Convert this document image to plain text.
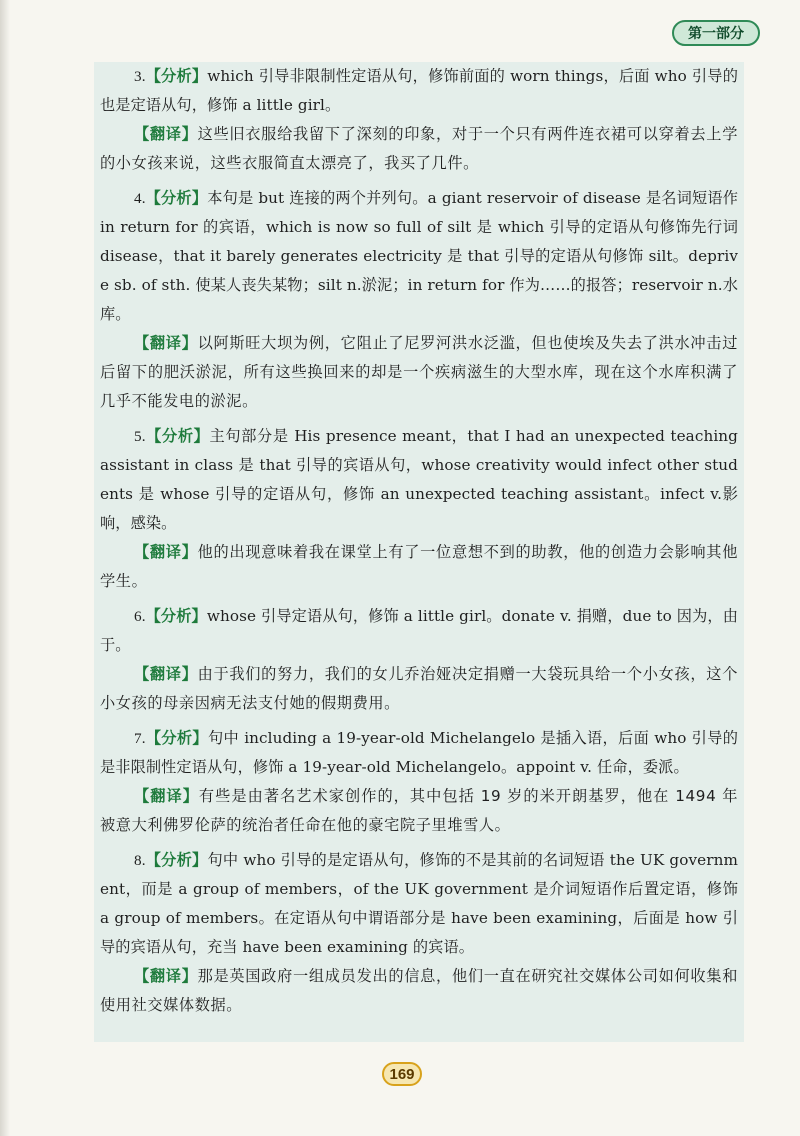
第一部分

3.【分析】which 引导非限制性定语从句，修饰前面的 worn things，后面 who 引导的也是定语从句，修饰 a little girl。

【翻译】这些旧衣服给我留下了深刻的印象，对于一个只有两件连衣裙可以穿着去上学的小女孩来说，这些衣服简直太漂亮了，我买了几件。

4.【分析】本句是 but 连接的两个并列句。a giant reservoir of disease 是名词短语作 in return for 的宾语，which is now so full of silt 是 which 引导的定语从句修饰先行词 disease，that it barely generates electricity 是 that 引导的定语从句修饰 silt。deprive sb. of sth. 使某人丧失某物；silt n.淤泥；in return for 作为……的报答；reservoir n.水库。

【翻译】以阿斯旺大坝为例，它阻止了尼罗河洪水泛滥，但也使埃及失去了洪水冲击过后留下的肥沃淤泥，所有这些换回来的却是一个疾病滋生的大型水库，现在这个水库积满了几乎不能发电的淤泥。

5.【分析】主句部分是 His presence meant，that I had an unexpected teaching assistant in class 是 that 引导的宾语从句，whose creativity would infect other students 是 whose 引导的定语从句，修饰 an unexpected teaching assistant。infect v.影响，感染。

【翻译】他的出现意味着我在课堂上有了一位意想不到的助教，他的创造力会影响其他学生。

6.【分析】whose 引导定语从句，修饰 a little girl。donate v. 捐赠，due to 因为，由于。

【翻译】由于我们的努力，我们的女儿乔治娅决定捐赠一大袋玩具给一个小女孩，这个小女孩的母亲因病无法支付她的假期费用。

7.【分析】句中 including a 19-year-old Michelangelo 是插入语，后面 who 引导的是非限制性定语从句，修饰 a 19-year-old Michelangelo。appoint v. 任命，委派。

【翻译】有些是由著名艺术家创作的，其中包括 19 岁的米开朗基罗，他在 1494 年被意大利佛罗伦萨的统治者任命在他的豪宅院子里堆雪人。

8.【分析】句中 who 引导的是定语从句，修饰的不是其前的名词短语 the UK government，而是 a group of members，of the UK government 是介词短语作后置定语，修饰 a group of members。在定语从句中谓语部分是 have been examining，后面是 how 引导的宾语从句，充当 have been examining 的宾语。

【翻译】那是英国政府一组成员发出的信息，他们一直在研究社交媒体公司如何收集和使用社交媒体数据。

169
